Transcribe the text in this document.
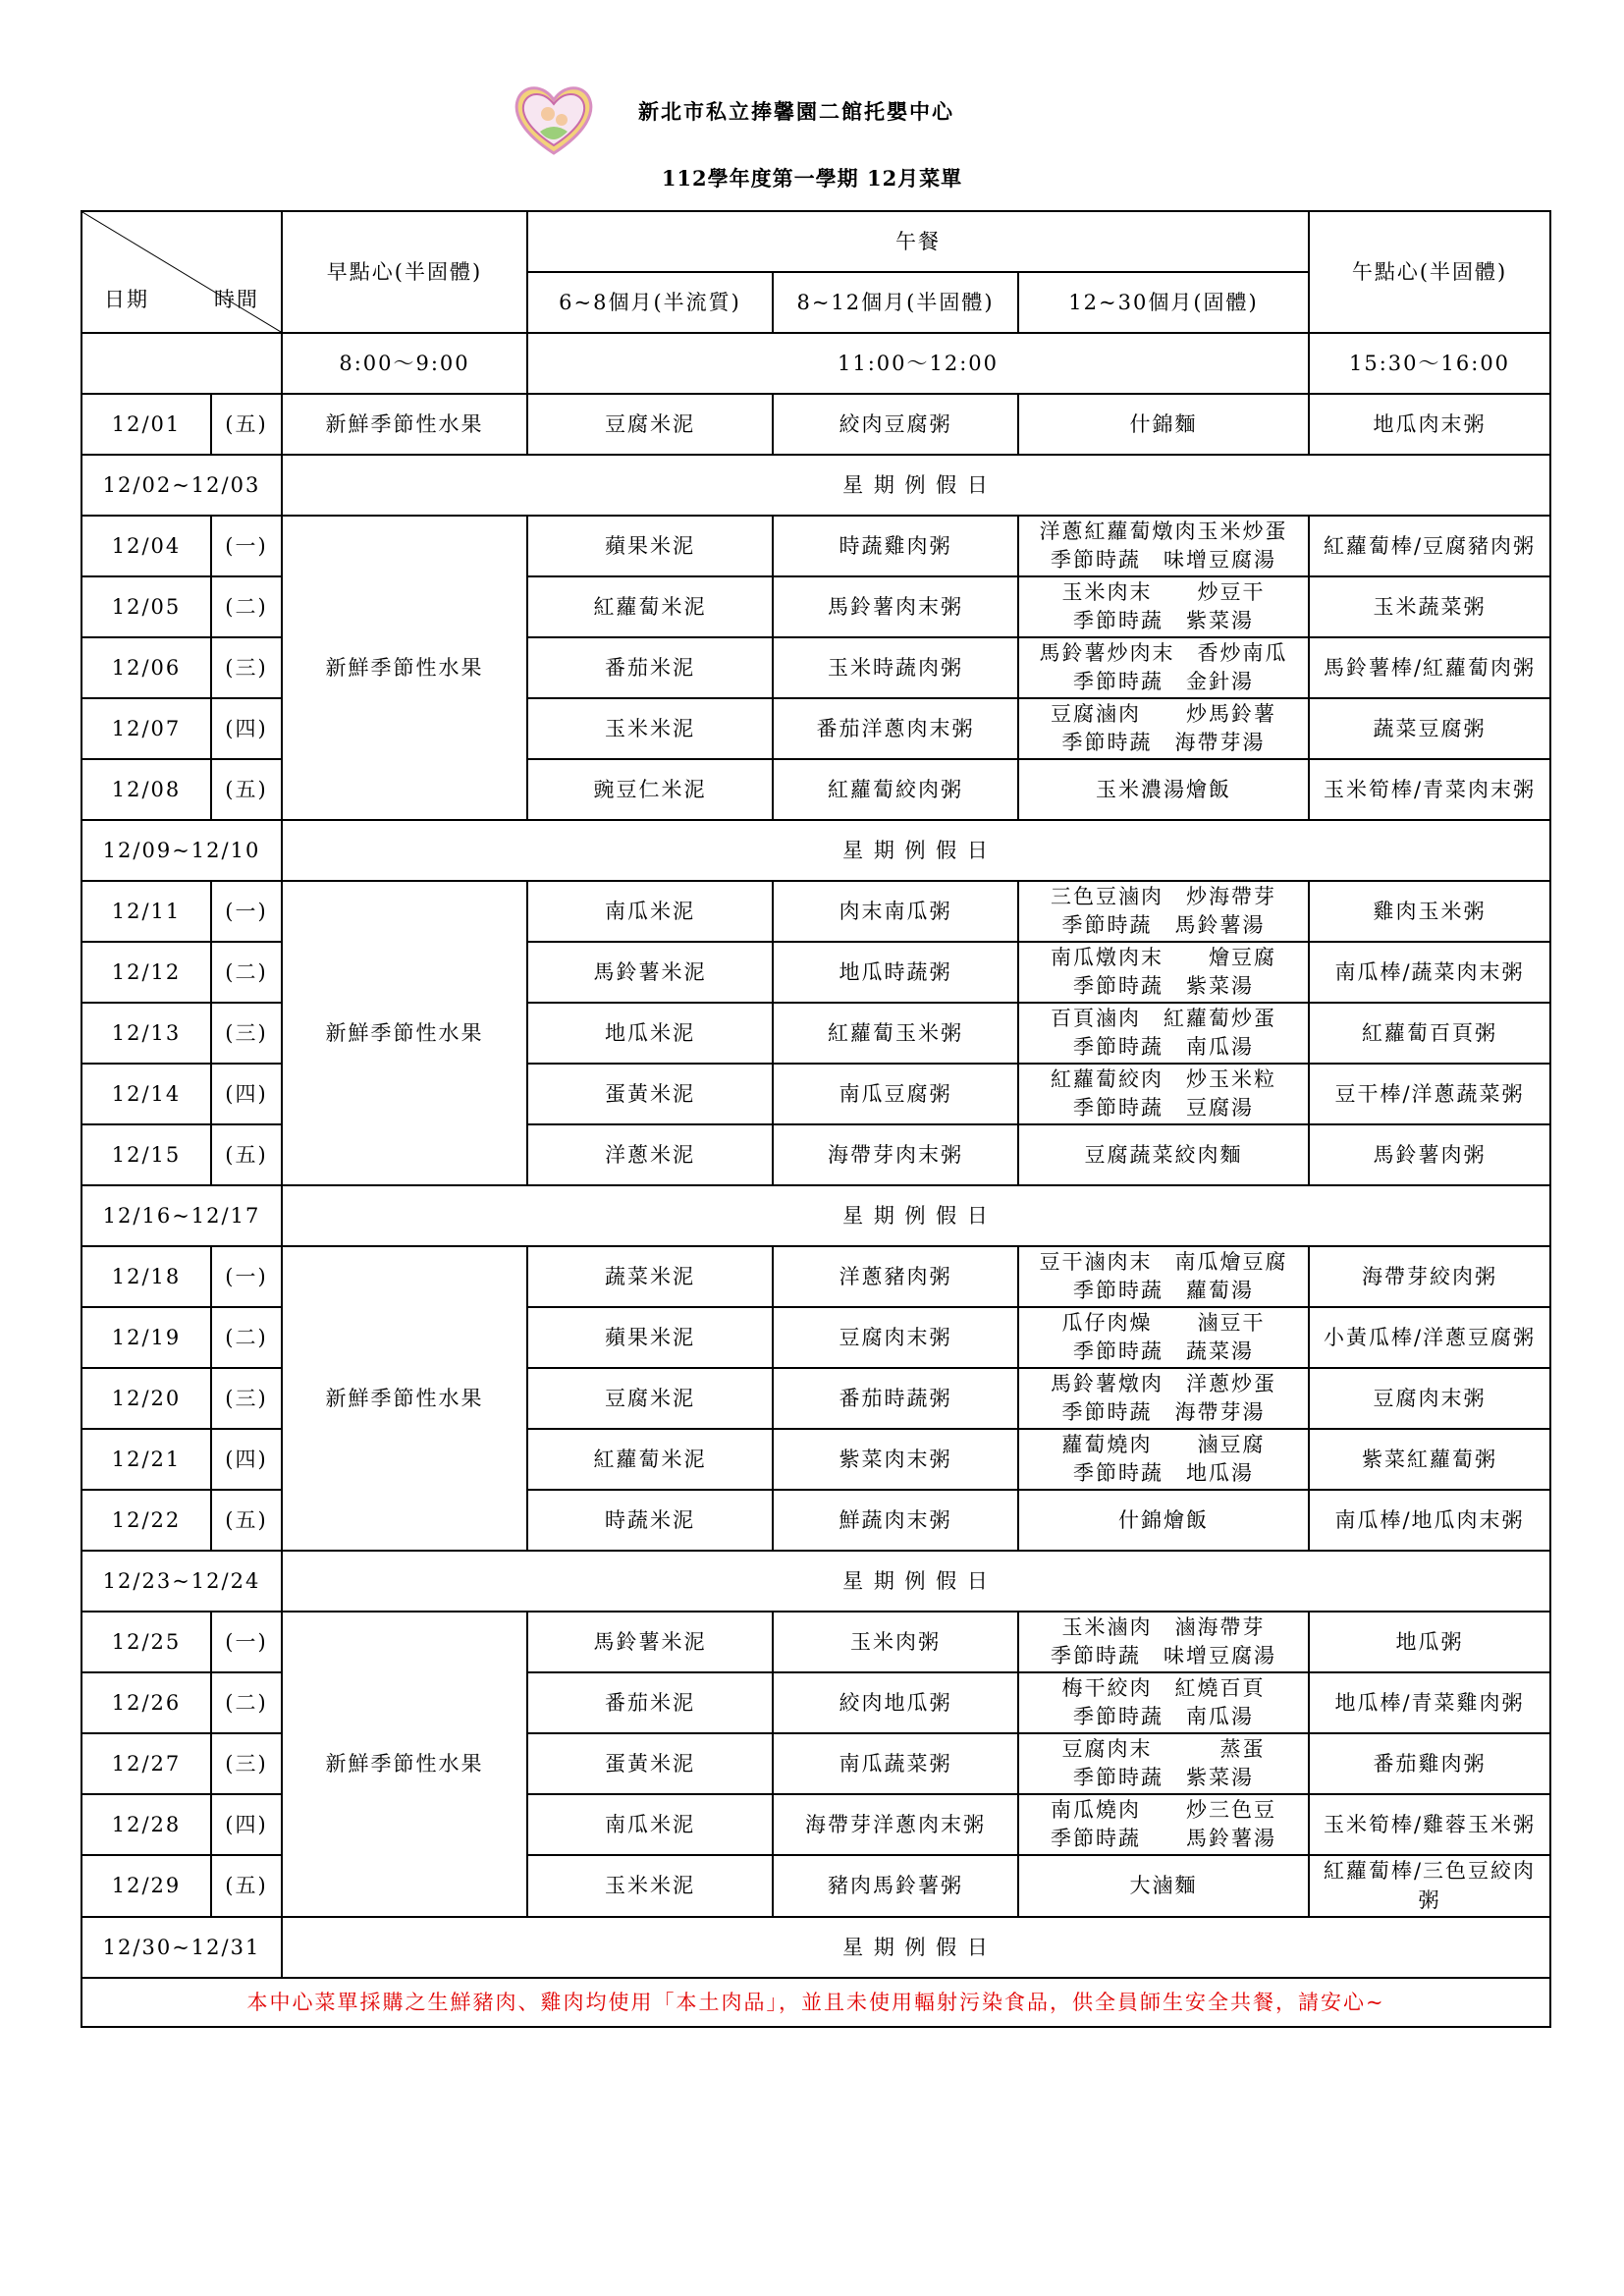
新北市私立捧馨園二館托嬰中心
112學年度第一學期 12月菜單
日期 時間		早點心(半固體)	午餐			午點心(半固體)
			6~8個月(半流質)	8~12個月(半固體)	12~30個月(固體)	
		8:00～9:00	11:00～12:00			15:30～16:00
12/01	(五)	新鮮季節性水果	豆腐米泥	絞肉豆腐粥	什錦麵	地瓜肉末粥
12/02~12/03		星 期 例 假 日				
12/04	(一)	新鮮季節性水果	蘋果米泥	時蔬雞肉粥	洋蔥紅蘿蔔燉肉玉米炒蛋
季節時蔬　味增豆腐湯	紅蘿蔔棒/豆腐豬肉粥
12/05	(二)		紅蘿蔔米泥	馬鈴薯肉末粥	玉米肉末　　炒豆干
季節時蔬　紫菜湯	玉米蔬菜粥
12/06	(三)		番茄米泥	玉米時蔬肉粥	馬鈴薯炒肉末　香炒南瓜
季節時蔬　金針湯	馬鈴薯棒/紅蘿蔔肉粥
12/07	(四)		玉米米泥	番茄洋蔥肉末粥	豆腐滷肉　　炒馬鈴薯
季節時蔬　海帶芽湯	蔬菜豆腐粥
12/08	(五)		豌豆仁米泥	紅蘿蔔絞肉粥	玉米濃湯燴飯	玉米筍棒/青菜肉末粥
12/09~12/10		星 期 例 假 日				
12/11	(一)	新鮮季節性水果	南瓜米泥	肉末南瓜粥	三色豆滷肉　炒海帶芽
季節時蔬　馬鈴薯湯	雞肉玉米粥
12/12	(二)		馬鈴薯米泥	地瓜時蔬粥	南瓜燉肉末　　燴豆腐
季節時蔬　紫菜湯	南瓜棒/蔬菜肉末粥
12/13	(三)		地瓜米泥	紅蘿蔔玉米粥	百頁滷肉　紅蘿蔔炒蛋
季節時蔬　南瓜湯	紅蘿蔔百頁粥
12/14	(四)		蛋黃米泥	南瓜豆腐粥	紅蘿蔔絞肉　炒玉米粒
季節時蔬　豆腐湯	豆干棒/洋蔥蔬菜粥
12/15	(五)		洋蔥米泥	海帶芽肉末粥	豆腐蔬菜絞肉麵	馬鈴薯肉粥
12/16~12/17		星 期 例 假 日				
12/18	(一)	新鮮季節性水果	蔬菜米泥	洋蔥豬肉粥	豆干滷肉末　南瓜燴豆腐
季節時蔬　蘿蔔湯	海帶芽絞肉粥
12/19	(二)		蘋果米泥	豆腐肉末粥	瓜仔肉燥　　滷豆干
季節時蔬　蔬菜湯	小黃瓜棒/洋蔥豆腐粥
12/20	(三)		豆腐米泥	番茄時蔬粥	馬鈴薯燉肉　洋蔥炒蛋
季節時蔬　海帶芽湯	豆腐肉末粥
12/21	(四)		紅蘿蔔米泥	紫菜肉末粥	蘿蔔燒肉　　滷豆腐
季節時蔬　地瓜湯	紫菜紅蘿蔔粥
12/22	(五)		時蔬米泥	鮮蔬肉末粥	什錦燴飯	南瓜棒/地瓜肉末粥
12/23~12/24		星 期 例 假 日				
12/25	(一)	新鮮季節性水果	馬鈴薯米泥	玉米肉粥	玉米滷肉　滷海帶芽
季節時蔬　味增豆腐湯	地瓜粥
12/26	(二)		番茄米泥	絞肉地瓜粥	梅干絞肉　紅燒百頁
季節時蔬　南瓜湯	地瓜棒/青菜雞肉粥
12/27	(三)		蛋黃米泥	南瓜蔬菜粥	豆腐肉末　　　蒸蛋
季節時蔬　紫菜湯	番茄雞肉粥
12/28	(四)		南瓜米泥	海帶芽洋蔥肉末粥	南瓜燒肉　　炒三色豆
季節時蔬　　馬鈴薯湯	玉米筍棒/雞蓉玉米粥
12/29	(五)		玉米米泥	豬肉馬鈴薯粥	大滷麵	紅蘿蔔棒/三色豆絞肉粥
12/30~12/31		星 期 例 假 日				
本中心菜單採購之生鮮豬肉、雞肉均使用「本土肉品」，並且未使用輻射污染食品，供全員師生安全共餐，請安心~						
